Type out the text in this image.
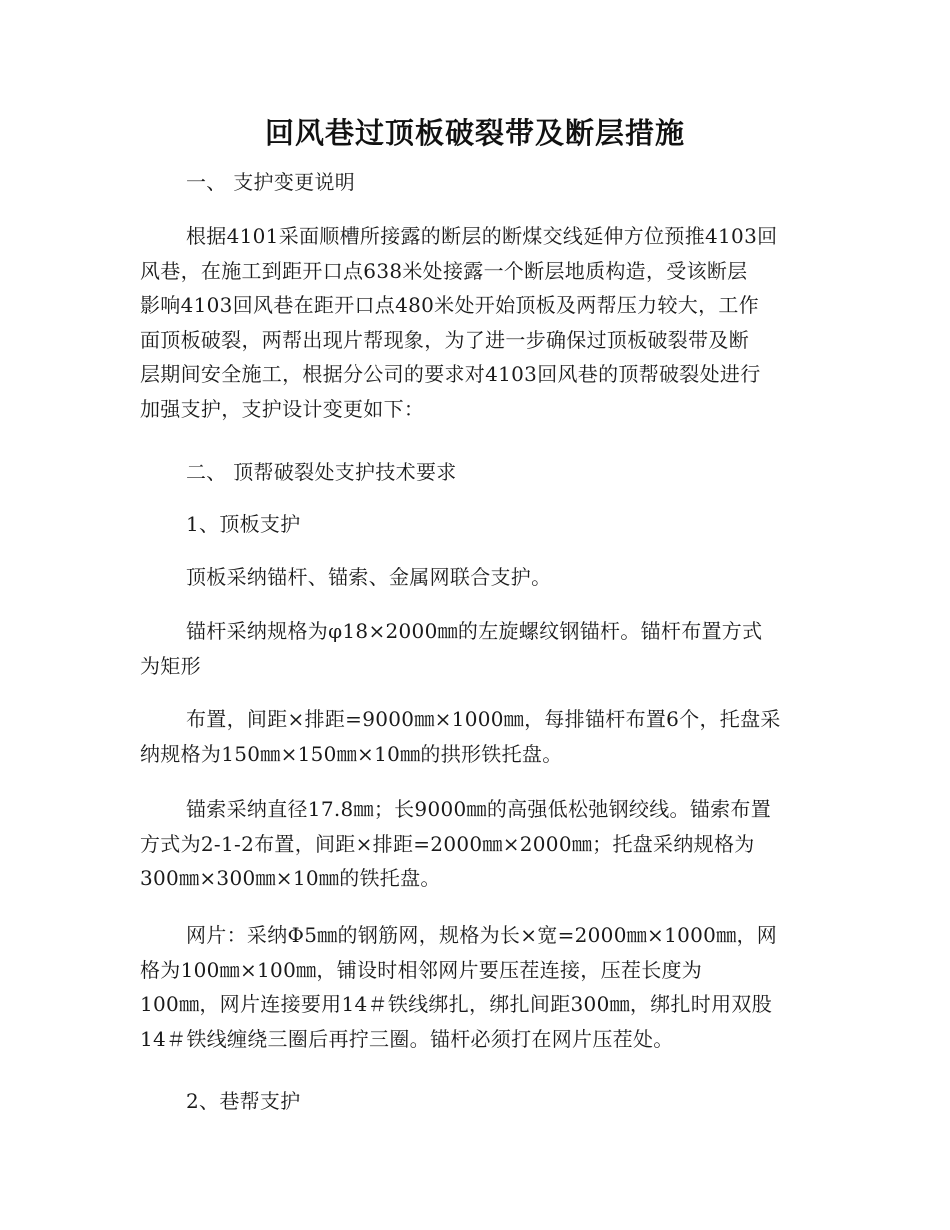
回风巷过顶板破裂带及断层措施
一、 支护变更说明
根据4101采面顺槽所接露的断层的断煤交线延伸方位预推4103回
风巷，在施工到距开口点638米处接露一个断层地质构造，受该断层
影响4103回风巷在距开口点480米处开始顶板及两帮压力较大，工作
面顶板破裂，两帮出现片帮现象，为了进一步确保过顶板破裂带及断
层期间安全施工，根据分公司的要求对4103回风巷的顶帮破裂处进行
加强支护，支护设计变更如下：
二、 顶帮破裂处支护技术要求
1、顶板支护
顶板采纳锚杆、锚索、金属网联合支护。
锚杆采纳规格为φ18×2000㎜的左旋螺纹钢锚杆。锚杆布置方式
为矩形
布置，间距×排距=9000㎜×1000㎜，每排锚杆布置6个，托盘采
纳规格为150㎜×150㎜×10㎜的拱形铁托盘。
锚索采纳直径17.8㎜；长9000㎜的高强低松弛钢绞线。锚索布置
方式为2-1-2布置，间距×排距=2000㎜×2000㎜；托盘采纳规格为
300㎜×300㎜×10㎜的铁托盘。
网片：采纳Φ5㎜的钢筋网，规格为长×宽=2000㎜×1000㎜，网
格为100㎜×100㎜，铺设时相邻网片要压茬连接，压茬长度为
100㎜，网片连接要用14＃铁线绑扎，绑扎间距300㎜，绑扎时用双股
14＃铁线缠绕三圈后再拧三圈。锚杆必须打在网片压茬处。
2、巷帮支护
